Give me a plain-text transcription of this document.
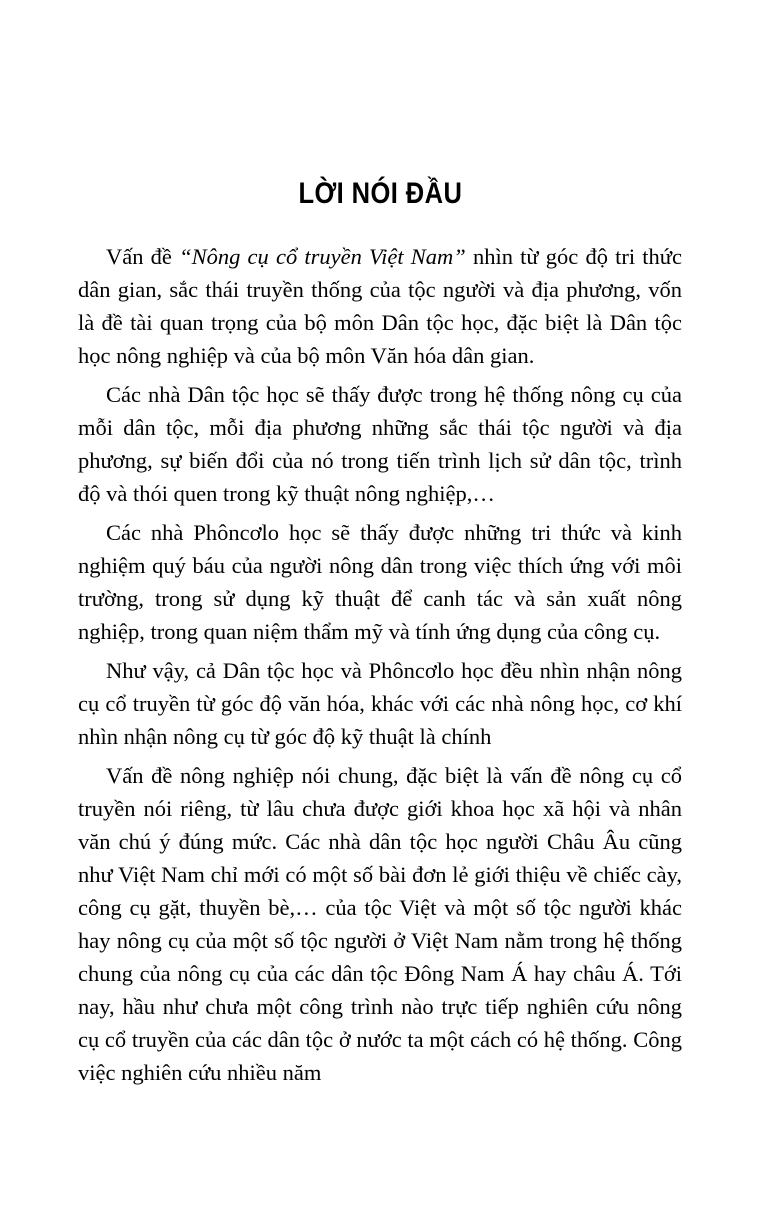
LỜI NÓI ĐẦU

Vấn đề “Nông cụ cổ truyền Việt Nam” nhìn từ góc độ tri thức dân gian, sắc thái truyền thống của tộc người và địa phương, vốn là đề tài quan trọng của bộ môn Dân tộc học, đặc biệt là Dân tộc học nông nghiệp và của bộ môn Văn hóa dân gian.

Các nhà Dân tộc học sẽ thấy được trong hệ thống nông cụ của mỗi dân tộc, mỗi địa phương những sắc thái tộc người và địa phương, sự biến đổi của nó trong tiến trình lịch sử dân tộc, trình độ và thói quen trong kỹ thuật nông nghiệp,…

Các nhà Phôncơlo học sẽ thấy được những tri thức và kinh nghiệm quý báu của người nông dân trong việc thích ứng với môi trường, trong sử dụng kỹ thuật để canh tác và sản xuất nông nghiệp, trong quan niệm thẩm mỹ và tính ứng dụng của công cụ.

Như vậy, cả Dân tộc học và Phôncơlo học đều nhìn nhận nông cụ cổ truyền từ góc độ văn hóa, khác với các nhà nông học, cơ khí nhìn nhận nông cụ từ góc độ kỹ thuật là chính

Vấn đề nông nghiệp nói chung, đặc biệt là vấn đề nông cụ cổ truyền nói riêng, từ lâu chưa được giới khoa học xã hội và nhân văn chú ý đúng mức. Các nhà dân tộc học người Châu Âu cũng như Việt Nam chỉ mới có một số bài đơn lẻ giới thiệu về chiếc cày, công cụ gặt, thuyền bè,… của tộc Việt và một số tộc người khác hay nông cụ của một số tộc người ở Việt Nam nằm trong hệ thống chung của nông cụ của các dân tộc Đông Nam Á hay châu Á. Tới nay, hầu như chưa một công trình nào trực tiếp nghiên cứu nông cụ cổ truyền của các dân tộc ở nước ta một cách có hệ thống. Công việc nghiên cứu nhiều năm
